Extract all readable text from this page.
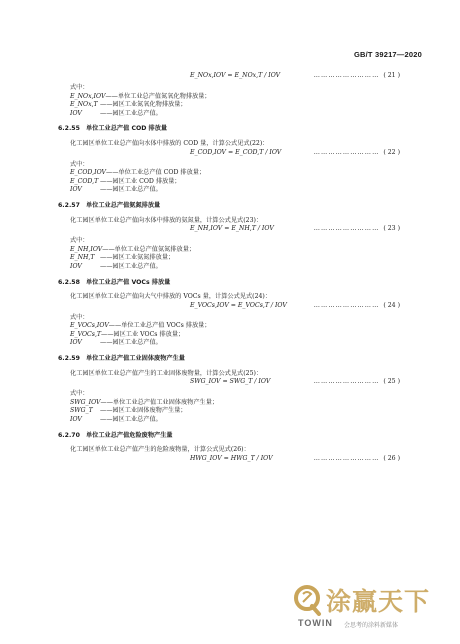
GB/T 39217—2020
E_NOx,IOV = E_NOx,T / IOV	……………………… ( 21 )
式中：
E_NOx,IOV——单位工业总产值氮氧化物排放量；
E_NOx,T ——园区工业氮氧化物排放量；
IOV	——园区工业总产值。
6.2.55 单位工业总产值 COD 排放量
化工园区单位工业总产值向水体中排放的 COD 量，计算公式见式(22)：
E_COD,IOV = E_COD,T / IOV	……………………… ( 22 )
式中：
E_COD,IOV——单位工业总产值 COD 排放量；
E_COD,T ——园区工业 COD 排放量；
IOV	——园区工业总产值。
6.2.57 单位工业总产值氨氮排放量
化工园区单位工业总产值向水体中排放的氨氮量，计算公式见式(23)：
E_NH,IOV = E_NH,T / IOV	……………………… ( 23 )
式中：
E_NH,IOV——单位工业总产值氨氮排放量；
E_NH,T ——园区工业氨氮排放量；
IOV	——园区工业总产值。
6.2.58 单位工业总产值 VOCs 排放量
化工园区单位工业总产值向大气中排放的 VOCs 量，计算公式见式(24)：
E_VOCs,IOV = E_VOCs,T / IOV	……………………… ( 24 )
式中：
E_VOCs,IOV——单位工业总产值 VOCs 排放量；
E_VOCs,T——园区工业 VOCs 排放量；
IOV	——园区工业总产值。
6.2.59 单位工业总产值工业固体废物产生量
化工园区单位工业总产值产生的工业固体废物量，计算公式见式(25)：
SWG_IOV = SWG_T / IOV	……………………… ( 25 )
式中：
SWG_IOV——单位工业总产值工业固体废物产生量；
SWG_T ——园区工业固体废物产生量；
IOV	——园区工业总产值。
6.2.70 单位工业总产值危险废物产生量
化工园区单位工业总产值产生的危险废物量，计算公式见式(26)：
HWG_IOV = HWG_T / IOV	……………………… ( 26 )
涂赢天下
TOWIN 会思考的涂料新媒体
